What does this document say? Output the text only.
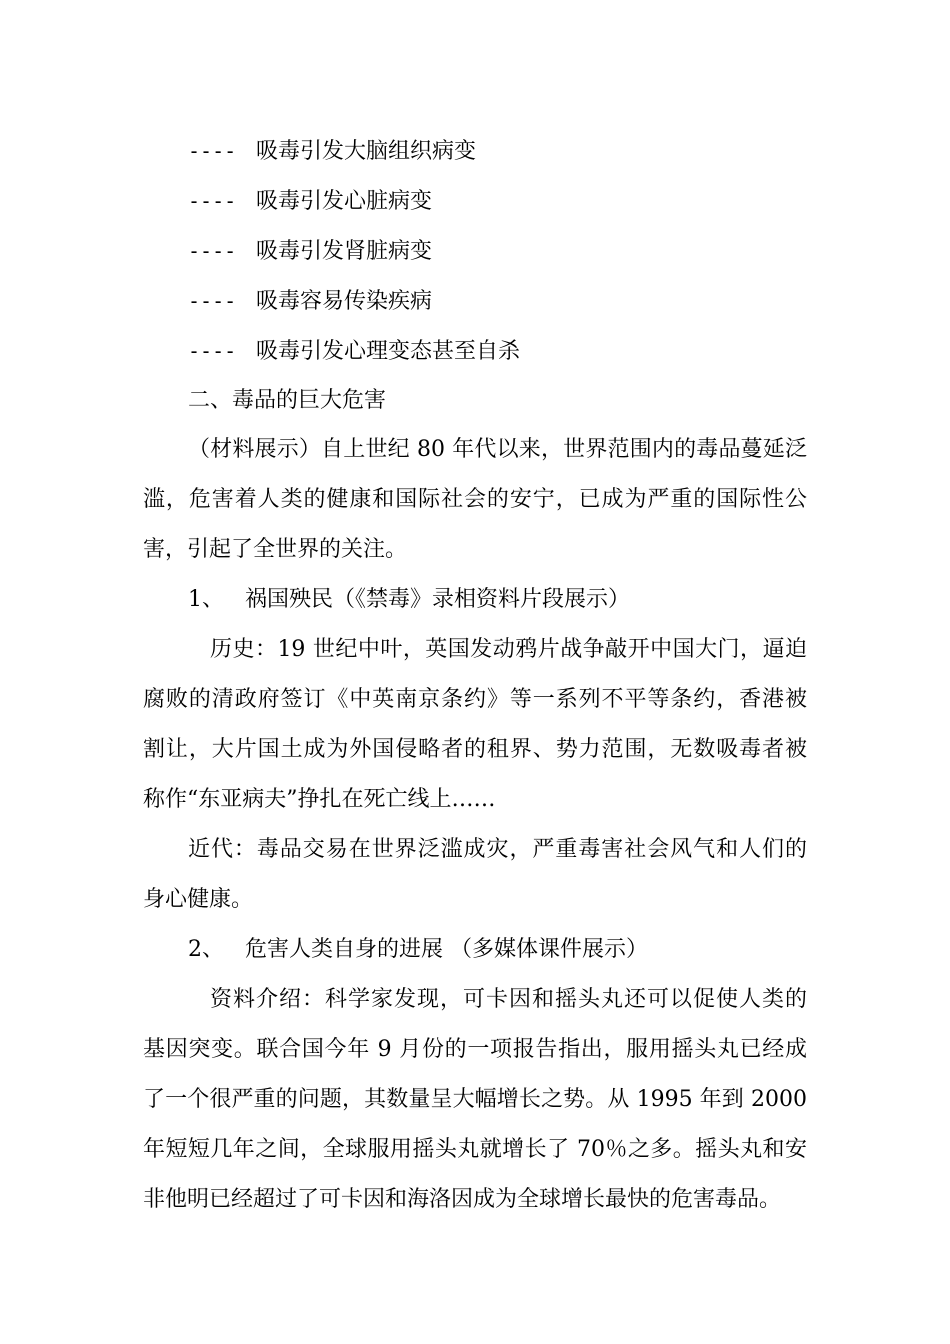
---- 吸毒引发大脑组织病变
---- 吸毒引发心脏病变
---- 吸毒引发肾脏病变
---- 吸毒容易传染疾病
---- 吸毒引发心理变态甚至自杀
二、毒品的巨大危害
（材料展示）自上世纪 80 年代以来，世界范围内的毒品蔓延泛
滥，危害着人类的健康和国际社会的安宁，已成为严重的国际性公
害，引起了全世界的关注。
1、   祸国殃民（《禁毒》录相资料片段展示）
历史：19 世纪中叶，英国发动鸦片战争敲开中国大门，逼迫
腐败的清政府签订《中英南京条约》等一系列不平等条约，香港被
割让，大片国土成为外国侵略者的租界、势力范围，无数吸毒者被
称作“东亚病夫”挣扎在死亡线上……
近代：毒品交易在世界泛滥成灾，严重毒害社会风气和人们的
身心健康。
2、   危害人类自身的进展 （多媒体课件展示）
资料介绍：科学家发现，可卡因和摇头丸还可以促使人类的
基因突变。联合国今年 9 月份的一项报告指出，服用摇头丸已经成
了一个很严重的问题，其数量呈大幅增长之势。从 1995 年到 2000
年短短几年之间，全球服用摇头丸就增长了 70％之多。摇头丸和安
非他明已经超过了可卡因和海洛因成为全球增长最快的危害毒品。
